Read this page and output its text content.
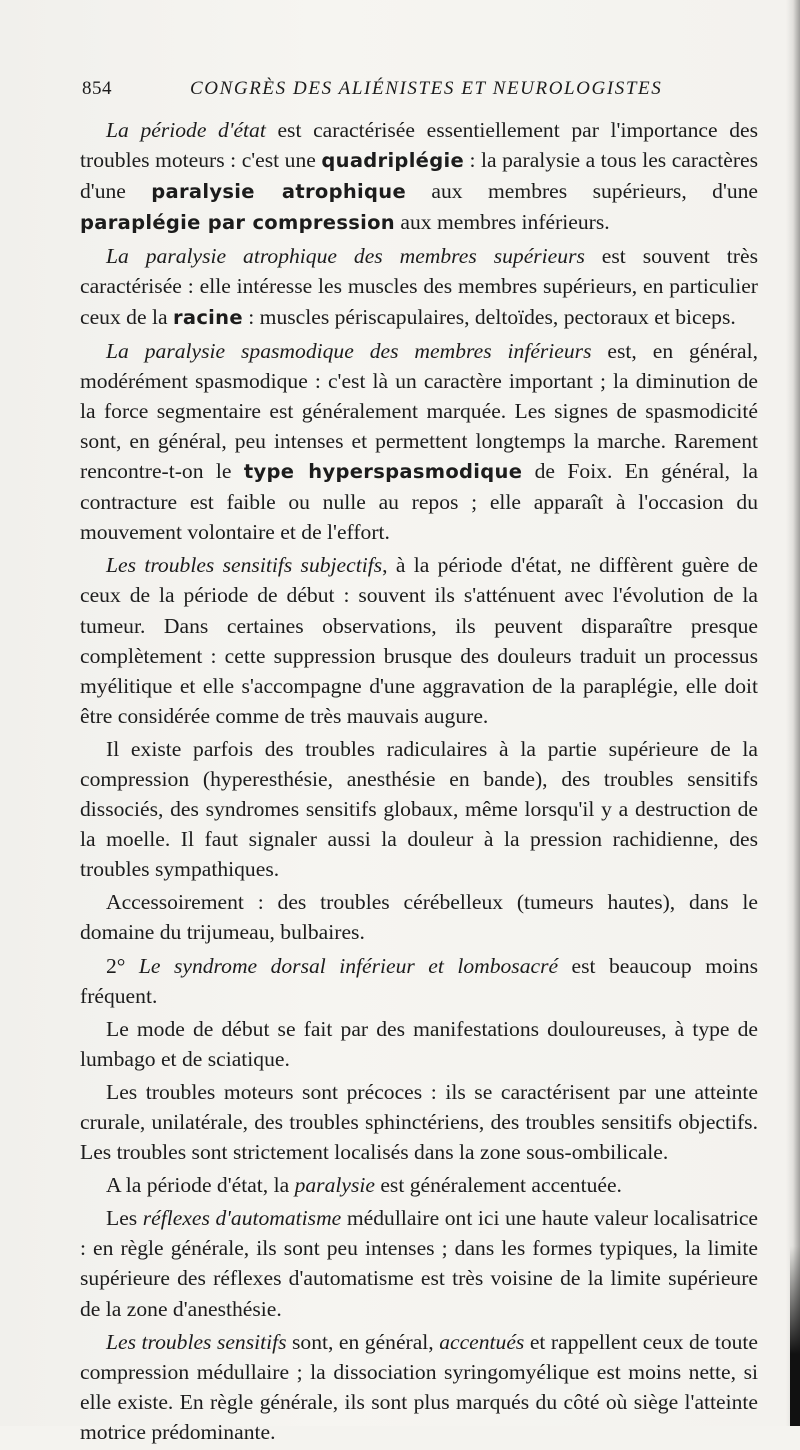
854	CONGRÈS DES ALIÉNISTES ET NEUROLOGISTES

La période d'état est caractérisée essentiellement par l'importance des troubles moteurs : c'est une quadriplégie : la paralysie a tous les caractères d'une paralysie atrophique aux membres supérieurs, d'une paraplégie par compression aux membres inférieurs.

La paralysie atrophique des membres supérieurs est souvent très caractérisée : elle intéresse les muscles des membres supérieurs, en particulier ceux de la racine : muscles périscapulaires, deltoïdes, pectoraux et biceps.

La paralysie spasmodique des membres inférieurs est, en général, modérément spasmodique : c'est là un caractère important ; la diminution de la force segmentaire est généralement marquée. Les signes de spasmodicité sont, en général, peu intenses et permettent longtemps la marche. Rarement rencontre-t-on le type hyperspasmodique de Foix. En général, la contracture est faible ou nulle au repos ; elle apparaît à l'occasion du mouvement volontaire et de l'effort.

Les troubles sensitifs subjectifs, à la période d'état, ne diffèrent guère de ceux de la période de début : souvent ils s'atténuent avec l'évolution de la tumeur. Dans certaines observations, ils peuvent disparaître presque complètement : cette suppression brusque des douleurs traduit un processus myélitique et elle s'accompagne d'une aggravation de la paraplégie, elle doit être considérée comme de très mauvais augure.

Il existe parfois des troubles radiculaires à la partie supérieure de la compression (hyperesthésie, anesthésie en bande), des troubles sensitifs dissociés, des syndromes sensitifs globaux, même lorsqu'il y a destruction de la moelle. Il faut signaler aussi la douleur à la pression rachidienne, des troubles sympathiques.

Accessoirement : des troubles cérébelleux (tumeurs hautes), dans le domaine du trijumeau, bulbaires.

2° Le syndrome dorsal inférieur et lombosacré est beaucoup moins fréquent.

Le mode de début se fait par des manifestations douloureuses, à type de lumbago et de sciatique.

Les troubles moteurs sont précoces : ils se caractérisent par une atteinte crurale, unilatérale, des troubles sphinctériens, des troubles sensitifs objectifs. Les troubles sont strictement localisés dans la zone sous-ombilicale.

A la période d'état, la paralysie est généralement accentuée.

Les réflexes d'automatisme médullaire ont ici une haute valeur localisatrice : en règle générale, ils sont peu intenses ; dans les formes typiques, la limite supérieure des réflexes d'automatisme est très voisine de la limite supérieure de la zone d'anesthésie.

Les troubles sensitifs sont, en général, accentués et rappellent ceux de toute compression médullaire ; la dissociation syringomyélique est moins nette, si elle existe. En règle générale, ils sont plus marqués du côté où siège l'atteinte motrice prédominante.
